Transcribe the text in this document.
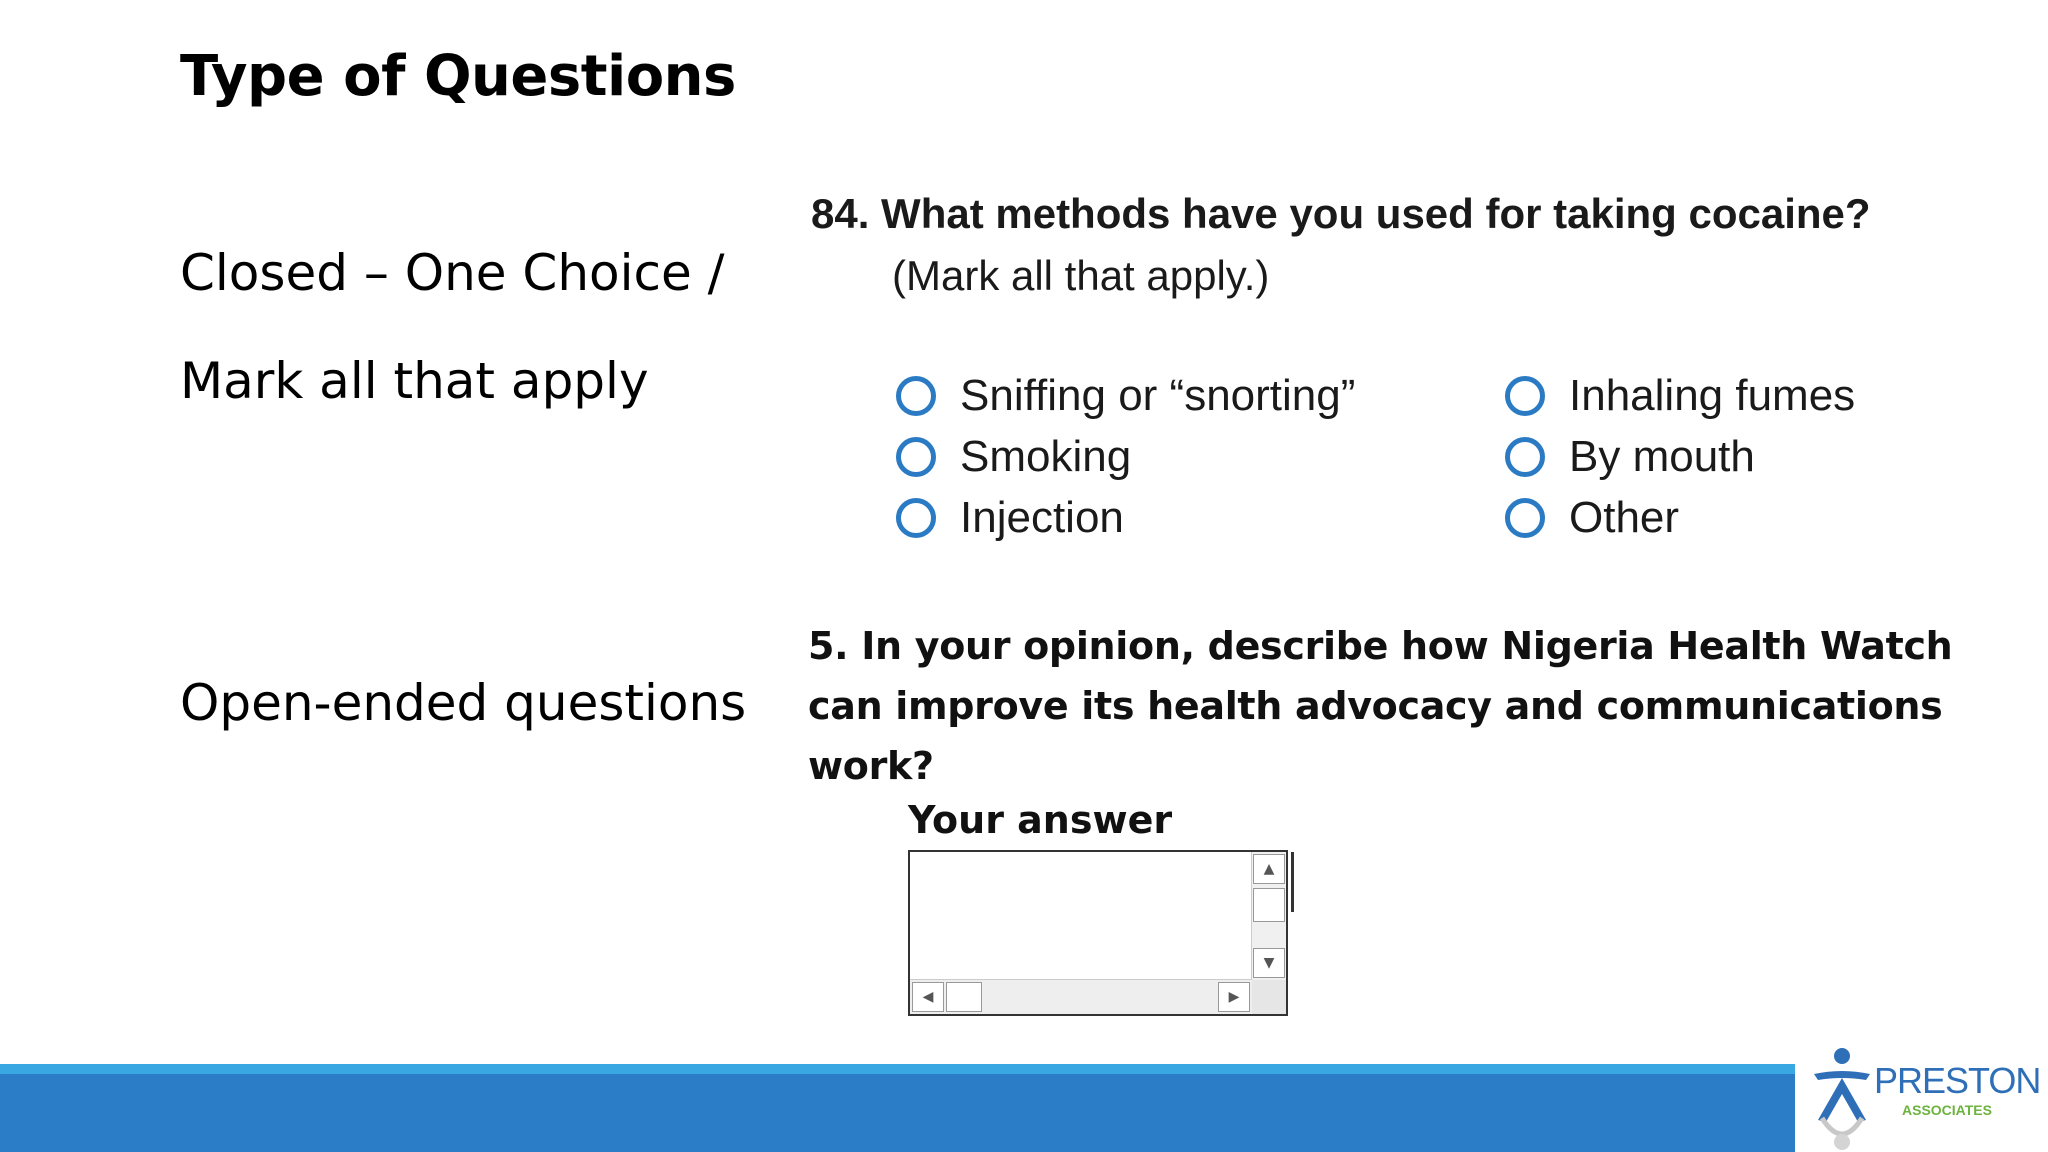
Type of Questions
Closed – One Choice /
Mark all that apply
Open-ended questions
84. What methods have you used for taking cocaine?
(Mark all that apply.)
Sniffing or “snorting”
Smoking
Injection
Inhaling fumes
By mouth
Other
5. In your opinion, describe how Nigeria Health Watch can improve its health advocacy and communications work?
Your answer
▲
▼
◀	▶
PRESTON
ASSOCIATES
